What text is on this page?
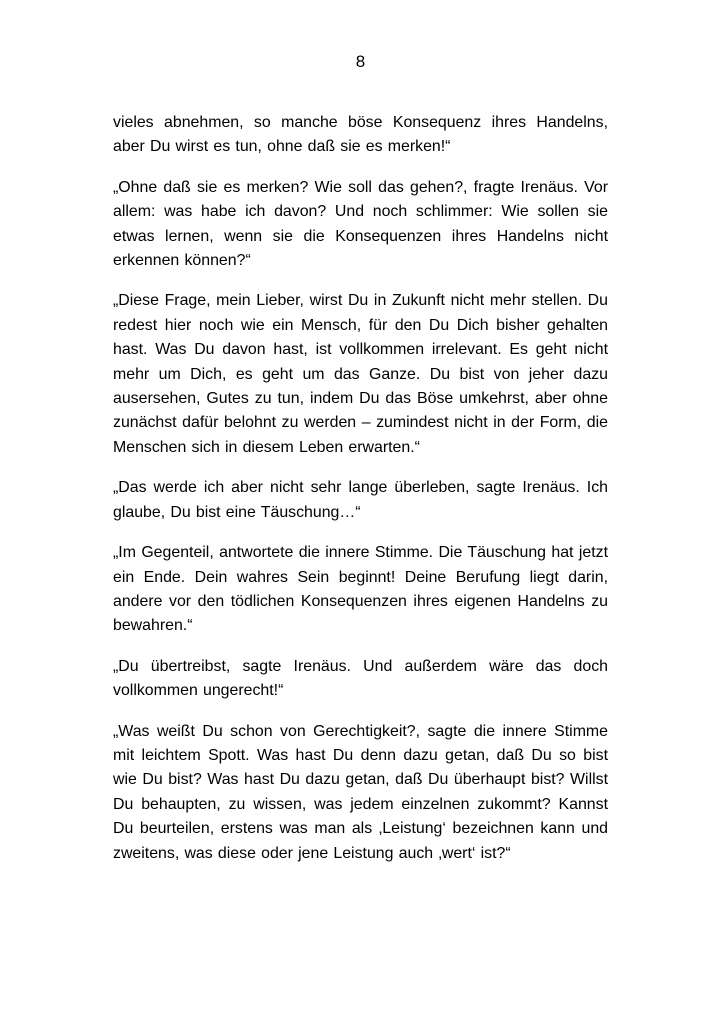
8

vieles abnehmen, so manche böse Konsequenz ihres Handelns, aber Du wirst es tun, ohne daß sie es merken!“

„Ohne daß sie es merken? Wie soll das gehen?, fragte Irenäus. Vor allem: was habe ich davon? Und noch schlimmer: Wie sollen sie etwas lernen, wenn sie die Konsequenzen ihres Handelns nicht erkennen können?“

„Diese Frage, mein Lieber, wirst Du in Zukunft nicht mehr stellen. Du redest hier noch wie ein Mensch, für den Du Dich bisher gehalten hast. Was Du davon hast, ist vollkommen irrelevant. Es geht nicht mehr um Dich, es geht um das Ganze. Du bist von jeher dazu ausersehen, Gutes zu tun, indem Du das Böse umkehrst, aber ohne zunächst dafür belohnt zu werden – zumindest nicht in der Form, die Menschen sich in diesem Leben erwarten.“

„Das werde ich aber nicht sehr lange überleben, sagte Irenäus. Ich glaube, Du bist eine Täuschung…“

„Im Gegenteil, antwortete die innere Stimme. Die Täuschung hat jetzt ein Ende. Dein wahres Sein beginnt! Deine Berufung liegt darin, andere vor den tödlichen Konsequenzen ihres eigenen Handelns zu bewahren.“

„Du übertreibst, sagte Irenäus. Und außerdem wäre das doch vollkommen ungerecht!“

„Was weißt Du schon von Gerechtigkeit?, sagte die innere Stimme mit leichtem Spott. Was hast Du denn dazu getan, daß Du so bist wie Du bist? Was hast Du dazu getan, daß Du überhaupt bist? Willst Du behaupten, zu wissen, was jedem einzelnen zukommt? Kannst Du beurteilen, erstens was man als ‚Leistung‘ bezeichnen kann und zweitens, was diese oder jene Leistung auch ‚wert‘ ist?“
